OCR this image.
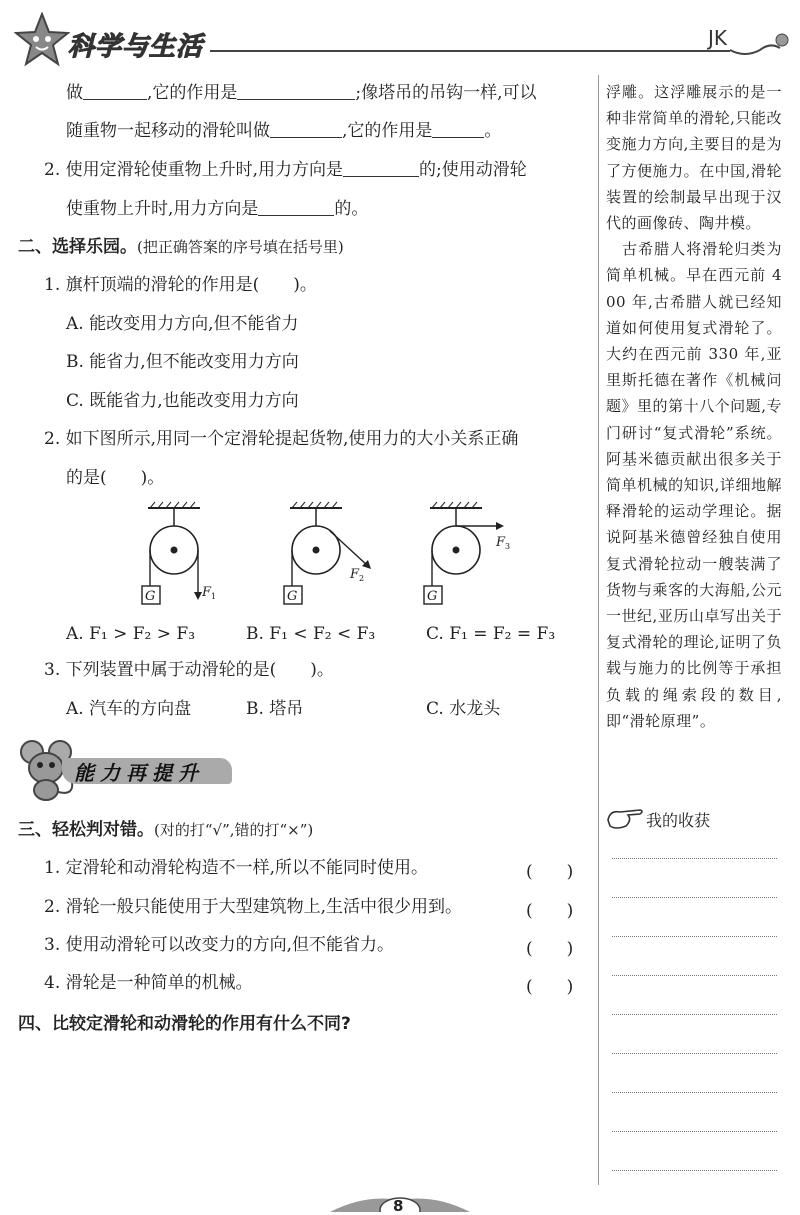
科学与生活	JK
做	,它的作用是	;像塔吊的吊钩一样,可以
随重物一起移动的滑轮叫做	,它的作用是	。
2. 使用定滑轮使重物上升时,用力方向是	的;使用动滑轮
使重物上升时,用力方向是	的。
二、选择乐园。(把正确答案的序号填在括号里)
1. 旗杆顶端的滑轮的作用是(　　)。
A. 能改变用力方向,但不能省力
B. 能省力,但不能改变用力方向
C. 既能省力,也能改变用力方向
2. 如下图所示,用同一个定滑轮提起货物,使用力的大小关系正确
的是(　　)。
G	G	G
F 1
F 2
F 3
A. F₁ > F₂ > F₃	B. F₁ < F₂ < F₃	C. F₁ = F₂ = F₃
3. 下列装置中属于动滑轮的是(　　)。
A. 汽车的方向盘	B. 塔吊	C. 水龙头
能力再提升
三、轻松判对错。(对的打“√”,错的打“×”)
1. 定滑轮和动滑轮构造不一样,所以不能同时使用。
2. 滑轮一般只能使用于大型建筑物上,生活中很少用到。
3. 使用动滑轮可以改变力的方向,但不能省力。
4. 滑轮是一种简单的机械。
(　　)
(　　)
(　　)
(　　)
四、比较定滑轮和动滑轮的作用有什么不同?

浮雕。这浮雕展示的是一种非常简单的滑轮,只能改变施力方向,主要目的是为了方便施力。在中国,滑轮装置的绘制最早出现于汉代的画像砖、陶井模。

　古希腊人将滑轮归类为简单机械。早在西元前 400 年,古希腊人就已经知道如何使用复式滑轮了。大约在西元前 330 年,亚里斯托德在著作《机械问题》里的第十八个问题,专门研讨“复式滑轮”系统。阿基米德贡献出很多关于简单机械的知识,详细地解释滑轮的运动学理论。据说阿基米德曾经独自使用复式滑轮拉动一艘装满了货物与乘客的大海船,公元一世纪,亚历山卓写出关于复式滑轮的理论,证明了负载与施力的比例等于承担负载的绳索段的数目,即“滑轮原理”。

我的收获
8
